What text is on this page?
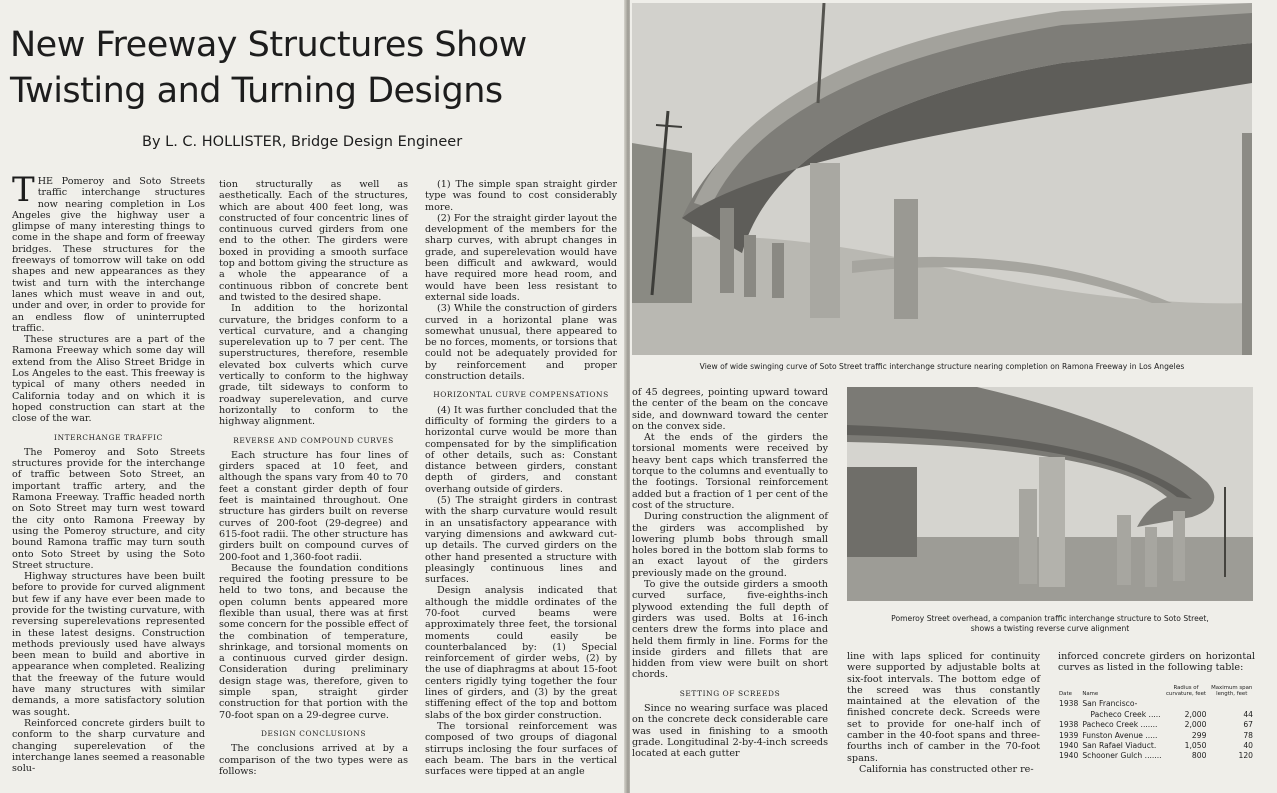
New Freeway Structures Show
Twisting and Turning Designs

By L. C. HOLLISTER, Bridge Design Engineer

THE Pomeroy and Soto Streets traffic interchange structures now nearing completion in Los Angeles give the highway user a glimpse of many interesting things to come in the shape and form of freeway bridges. These structures for the freeways of tomorrow will take on odd shapes and new appearances as they twist and turn with the interchange lanes which must weave in and out, under and over, in order to provide for an endless flow of uninterrupted traffic.

These structures are a part of the Ramona Freeway which some day will extend from the Aliso Street Bridge in Los Angeles to the east. This freeway is typical of many others needed in California today and on which it is hoped construction can start at the close of the war.

INTERCHANGE TRAFFIC

The Pomeroy and Soto Streets structures provide for the interchange of traffic between Soto Street, an important traffic artery, and the Ramona Freeway. Traffic headed north on Soto Street may turn west toward the city onto Ramona Freeway by using the Pomeroy structure, and city bound Ramona traffic may turn south onto Soto Street by using the Soto Street structure.

Highway structures have been built before to provide for curved alignment but few if any have ever been made to provide for the twisting curvature, with reversing superelevations represented in these latest designs. Construction methods previously used have always been mean to build and abortive in appearance when completed. Realizing that the freeway of the future would have many structures with similar demands, a more satisfactory solution was sought.

Reinforced concrete girders built to conform to the sharp curvature and changing superelevation of the interchange lanes seemed a reasonable solu-

tion structurally as well as aesthetically. Each of the structures, which are about 400 feet long, was constructed of four concentric lines of continuous curved girders from one end to the other. The girders were boxed in providing a smooth surface top and bottom giving the structure as a whole the appearance of a continuous ribbon of concrete bent and twisted to the desired shape.

In addition to the horizontal curvature, the bridges conform to a vertical curvature, and a changing superelevation up to 7 per cent. The superstructures, therefore, resemble elevated box culverts which curve vertically to conform to the highway grade, tilt sideways to conform to roadway superelevation, and curve horizontally to conform to the highway alignment.

REVERSE AND COMPOUND CURVES

Each structure has four lines of girders spaced at 10 feet, and although the spans vary from 40 to 70 feet a constant girder depth of four feet is maintained throughout. One structure has girders built on reverse curves of 200-foot (29-degree) and 615-foot radii. The other structure has girders built on compound curves of 200-foot and 1,360-foot radii.

Because the foundation conditions required the footing pressure to be held to two tons, and because the open column bents appeared more flexible than usual, there was at first some concern for the possible effect of the combination of temperature, shrinkage, and torsional moments on a continuous curved girder design. Consideration during preliminary design stage was, therefore, given to simple span, straight girder construction for that portion with the 70-foot span on a 29-degree curve.

DESIGN CONCLUSIONS

The conclusions arrived at by a comparison of the two types were as follows:

(1) The simple span straight girder type was found to cost considerably more.

(2) For the straight girder layout the development of the members for the sharp curves, with abrupt changes in grade, and superelevation would have been difficult and awkward, would have required more head room, and would have been less resistant to external side loads.

(3) While the construction of girders curved in a horizontal plane was somewhat unusual, there appeared to be no forces, moments, or torsions that could not be adequately provided for by reinforcement and proper construction details.

HORIZONTAL CURVE COMPENSATIONS

(4) It was further concluded that the difficulty of forming the girders to a horizontal curve would be more than compensated for by the simplification of other details, such as: Constant distance between girders, constant depth of girders, and constant overhang outside of girders.

(5) The straight girders in contrast with the sharp curvature would result in an unsatisfactory appearance with varying dimensions and awkward cut-up details. The curved girders on the other hand presented a structure with pleasingly continuous lines and surfaces.

Design analysis indicated that although the middle ordinates of the 70-foot curved beams were approximately three feet, the torsional moments could easily be counterbalanced by: (1) Special reinforcement of girder webs, (2) by the use of diaphragms at about 15-foot centers rigidly tying together the four lines of girders, and (3) by the great stiffening effect of the top and bottom slabs of the box girder construction.

The torsional reinforcement was composed of two groups of diagonal stirrups inclosing the four surfaces of each beam. The bars in the vertical surfaces were tipped at an angle

View of wide swinging curve of Soto Street traffic interchange structure nearing completion on Ramona Freeway in Los Angeles

of 45 degrees, pointing upward toward the center of the beam on the concave side, and downward toward the center on the convex side.

At the ends of the girders the torsional moments were received by heavy bent caps which transferred the torque to the columns and eventually to the footings. Torsional reinforcement added but a fraction of 1 per cent of the cost of the structure.

During construction the alignment of the girders was accomplished by lowering plumb bobs through small holes bored in the bottom slab forms to an exact layout of the girders previously made on the ground.

To give the outside girders a smooth curved surface, five-eighths-inch plywood extending the full depth of girders was used. Bolts at 16-inch centers drew the forms into place and held them firmly in line. Forms for the inside girders and fillets that are hidden from view were built on short chords.

SETTING OF SCREEDS

Since no wearing surface was placed on the concrete deck considerable care was used in finishing to a smooth grade. Longitudinal 2-by-4-inch screeds located at each gutter

Pomeroy Street overhead, a companion traffic interchange structure to Soto Street,
shows a twisting reverse curve alignment

line with laps spliced for continuity were supported by adjustable bolts at six-foot intervals. The bottom edge of the screed was thus constantly maintained at the elevation of the finished concrete deck. Screeds were set to provide for one-half inch of camber in the 40-foot spans and three-fourths inch of camber in the 70-foot spans.

California has constructed other re-

inforced concrete girders on horizontal curves as listed in the following table:

Date	Name	Radius of curvature, feet	Maximum span length, feet
1938	San Francisco-		
	Pacheco Creek .....	2,000	44
1938	Pacheco Creek .......	2,000	67
1939	Funston Avenue .....	299	78
1940	San Rafael Viaduct.	1,050	40
1940	Schooner Gulch .......	800	120
